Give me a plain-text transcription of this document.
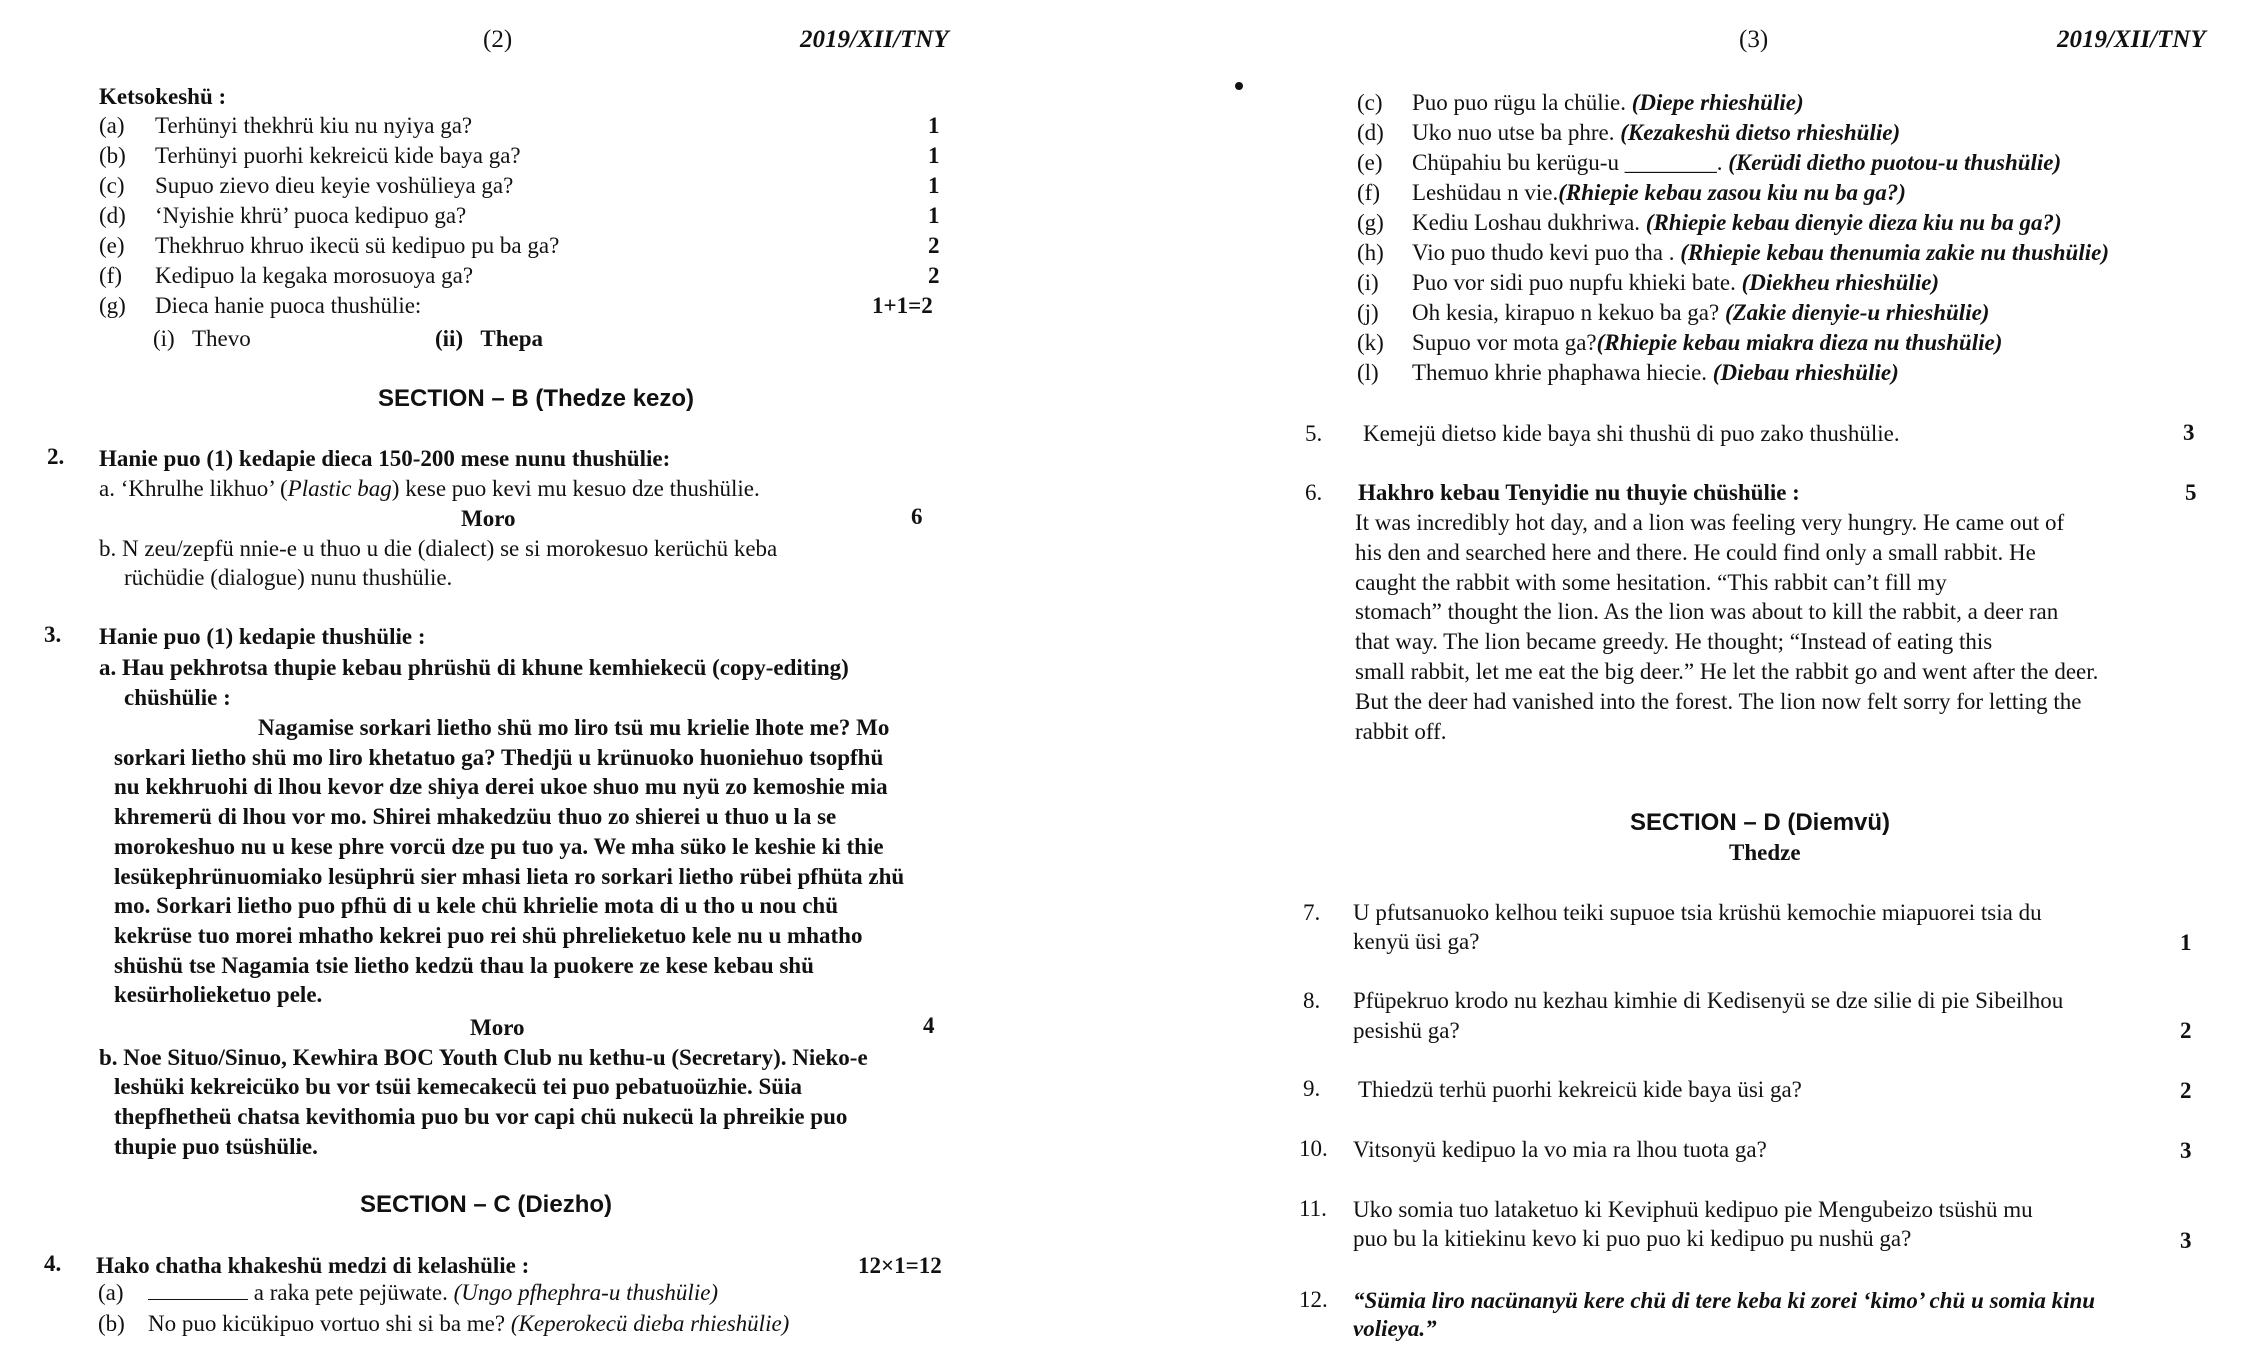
(2)	2019/XII/TNY
Ketsokeshü :
(a) Terhünyi thekhrü kiu nu nyiya ga?	1
(b) Terhünyi puorhi kekreicü kide baya ga?	1
(c) Supuo zievo dieu keyie voshülieya ga?	1
(d) ‘Nyishie khrü’ puoca kedipuo ga?	1
(e) Thekhruo khruo ikecü sü kedipuo pu ba ga?	2
(f) Kedipuo la kegaka morosuoya ga?	2
(g) Dieca hanie puoca thushülie:	1+1=2
(i) Thevo	(ii) Thepa
SECTION – B (Thedze kezo)
2. Hanie puo (1) kedapie dieca 150-200 mese nunu thushülie:
a. ‘Khrulhe likhuo’ (Plastic bag) kese puo kevi mu kesuo dze thushülie.
Moro	6
b. N zeu/zepfü nnie-e u thuo u die (dialect) se si morokesuo kerüchü keba
rüchüdie (dialogue) nunu thushülie.
3. Hanie puo (1) kedapie thushülie :
a. Hau pekhrotsa thupie kebau phrüshü di khune kemhiekecü (copy-editing)
chüshülie :
Nagamise sorkari lietho shü mo liro tsü mu krielie lhote me? Mo
sorkari lietho shü mo liro khetatuo ga? Thedjü u krünuoko huoniehuo tsopfhü
nu kekhruohi di lhou kevor dze shiya derei ukoe shuo mu nyü zo kemoshie mia
khremerü di lhou vor mo. Shirei mhakedzüu thuo zo shierei u thuo u la se
morokeshuo nu u kese phre vorcü dze pu tuo ya. We mha süko le keshie ki thie
lesükephrünuomiako lesüphrü sier mhasi lieta ro sorkari lietho rübei pfhüta zhü
mo. Sorkari lietho puo pfhü di u kele chü khrielie mota di u tho u nou chü
kekrüse tuo morei mhatho kekrei puo rei shü phrelieketuo kele nu u mhatho
shüshü tse Nagamia tsie lietho kedzü thau la puokere ze kese kebau shü
kesürholieketuo pele.
Moro	4
b. Noe Situo/Sinuo, Kewhira BOC Youth Club nu kethu-u (Secretary). Nieko-e
leshüki kekreicüko bu vor tsüi kemecakecü tei puo pebatuoüzhie. Süia
thepfhetheü chatsa kevithomia puo bu vor capi chü nukecü la phreikie puo
thupie puo tsüshülie.
SECTION – C (Diezho)
4. Hako chatha khakeshü medzi di kelashülie :	12×1=12
(a)	a raka pete pejüwate. (Ungo pfhephra-u thushülie)
(b) No puo kicükipuo vortuo shi si ba me? (Keperokecü dieba rhieshülie)
(3)	2019/XII/TNY
(c) Puo puo rügu la chülie. (Diepe rhieshülie)
(d) Uko nuo utse ba phre. (Kezakeshü dietso rhieshülie)
(e) Chüpahiu bu kerügu-u ________. (Kerüdi dietho puotou-u thushülie)
(f) Leshüdau n vie.(Rhiepie kebau zasou kiu nu ba ga?)
(g) Kediu Loshau dukhriwa. (Rhiepie kebau dienyie dieza kiu nu ba ga?)
(h) Vio puo thudo kevi puo tha . (Rhiepie kebau thenumia zakie nu thushülie)
(i) Puo vor sidi puo nupfu khieki bate. (Diekheu rhieshülie)
(j) Oh kesia, kirapuo n kekuo ba ga? (Zakie dienyie-u rhieshülie)
(k) Supuo vor mota ga?(Rhiepie kebau miakra dieza nu thushülie)
(l) Themuo khrie phaphawa hiecie. (Diebau rhieshülie)
5. Kemejü dietso kide baya shi thushü di puo zako thushülie.	3
6. Hakhro kebau Tenyidie nu thuyie chüshülie :	5
It was incredibly hot day, and a lion was feeling very hungry. He came out of
his den and searched here and there. He could find only a small rabbit. He
caught the rabbit with some hesitation. “This rabbit can’t fill my
stomach” thought the lion. As the lion was about to kill the rabbit, a deer ran
that way. The lion became greedy. He thought; “Instead of eating this
small rabbit, let me eat the big deer.” He let the rabbit go and went after the deer.
But the deer had vanished into the forest. The lion now felt sorry for letting the
rabbit off.
SECTION – D (Diemvü)
Thedze
7. U pfutsanuoko kelhou teiki supuoe tsia krüshü kemochie miapuorei tsia du
kenyü üsi ga?	1
8. Pfüpekruo krodo nu kezhau kimhie di Kedisenyü se dze silie di pie Sibeilhou
pesishü ga?	2
9. Thiedzü terhü puorhi kekreicü kide baya üsi ga?	2
10. Vitsonyü kedipuo la vo mia ra lhou tuota ga?	3
11. Uko somia tuo lataketuo ki Keviphuü kedipuo pie Mengubeizo tsüshü mu
puo bu la kitiekinu kevo ki puo puo ki kedipuo pu nushü ga?	3
12. “Sümia liro nacünanyü kere chü di tere keba ki zorei ‘kimo’ chü u somia kinu
volieya.”
